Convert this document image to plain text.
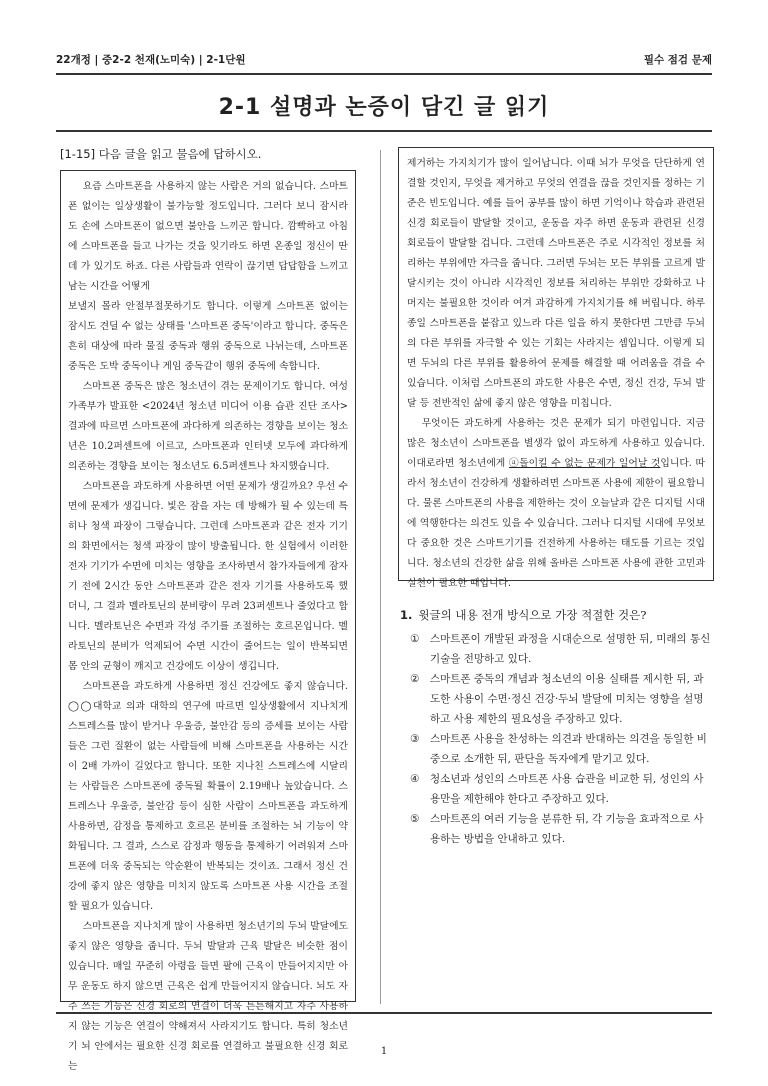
22개정 | 중2-2 천재(노미숙) | 2-1단원	필수 점검 문제
2-1 설명과 논증이 담긴 글 읽기
[1-15] 다음 글을 읽고 물음에 답하시오.

요즘 스마트폰을 사용하지 않는 사람은 거의 없습니다. 스마트폰 없이는 일상생활이 불가능할 정도입니다. 그러다 보니 잠시라도 손에 스마트폰이 없으면 불안을 느끼곤 합니다. 깜빡하고 아침에 스마트폰을 들고 나가는 것을 잊기라도 하면 온종일 정신이 딴 데 가 있기도 하죠. 다른 사람들과 연락이 끊기면 답답함을 느끼고 남는 시간을 어떻게

보낼지 몰라 안절부절못하기도 합니다. 이렇게 스마트폰 없이는 잠시도 견딜 수 없는 상태를 '스마트폰 중독'이라고 합니다. 중독은 흔히 대상에 따라 물질 중독과 행위 중독으로 나뉘는데, 스마트폰 중독은 도박 중독이나 게임 중독같이 행위 중독에 속합니다.

스마트폰 중독은 많은 청소년이 겪는 문제이기도 합니다. 여성가족부가 발표한 <2024년 청소년 미디어 이용 습관 진단 조사> 결과에 따르면 스마트폰에 과다하게 의존하는 경향을 보이는 청소년은 10.2퍼센트에 이르고, 스마트폰과 인터넷 모두에 과다하게 의존하는 경향을 보이는 청소년도 6.5퍼센트나 차지했습니다.

스마트폰을 과도하게 사용하면 어떤 문제가 생길까요? 우선 수면에 문제가 생깁니다. 빛은 잠을 자는 데 방해가 될 수 있는데 특히나 청색 파장이 그렇습니다. 그런데 스마트폰과 같은 전자 기기의 화면에서는 청색 파장이 많이 방출됩니다. 한 실험에서 이러한 전자 기기가 수면에 미치는 영향을 조사하면서 참가자들에게 잠자기 전에 2시간 동안 스마트폰과 같은 전자 기기를 사용하도록 했더니, 그 결과 멜라토닌의 분비량이 무려 23퍼센트나 줄었다고 합니다. 멜라토닌은 수면과 각성 주기를 조절하는 호르몬입니다. 멜라토닌의 분비가 억제되어 수면 시간이 줄어드는 일이 반복되면 몸 안의 균형이 깨지고 건강에도 이상이 생깁니다.

스마트폰을 과도하게 사용하면 정신 건강에도 좋지 않습니다. ◯◯대학교 의과 대학의 연구에 따르면 일상생활에서 지나치게 스트레스를 많이 받거나 우울증, 불안감 등의 증세를 보이는 사람들은 그런 질환이 없는 사람들에 비해 스마트폰을 사용하는 시간이 2배 가까이 길었다고 합니다. 또한 지나친 스트레스에 시달리는 사람들은 스마트폰에 중독될 확률이 2.19배나 높았습니다. 스트레스나 우울증, 불안감 등이 심한 사람이 스마트폰을 과도하게 사용하면, 감정을 통제하고 호르몬 분비를 조절하는 뇌 기능이 약화됩니다. 그 결과, 스스로 감정과 행동을 통제하기 어려워져 스마트폰에 더욱 중독되는 악순환이 반복되는 것이죠. 그래서 정신 건강에 좋지 않은 영향을 미치지 않도록 스마트폰 사용 시간을 조절할 필요가 있습니다.

스마트폰을 지나치게 많이 사용하면 청소년기의 두뇌 발달에도 좋지 않은 영향을 줍니다. 두뇌 발달과 근육 발달은 비슷한 점이 있습니다. 매일 꾸준히 아령을 들면 팔에 근육이 만들어지지만 아무 운동도 하지 않으면 근육은 쉽게 만들어지지 않습니다. 뇌도 자주 쓰는 기능은 신경 회로의 연결이 더욱 튼튼해지고 자주 사용하지 않는 기능은 연결이 약해져서 사라지기도 합니다. 특히 청소년기 뇌 안에서는 필요한 신경 회로를 연결하고 불필요한 신경 회로는

제거하는 가지치기가 많이 일어납니다. 이때 뇌가 무엇을 단단하게 연결할 것인지, 무엇을 제거하고 무엇의 연결을 끊을 것인지를 정하는 기준은 빈도입니다. 예를 들어 공부를 많이 하면 기억이나 학습과 관련된 신경 회로들이 발달할 것이고, 운동을 자주 하면 운동과 관련된 신경 회로들이 발달할 겁니다. 그런데 스마트폰은 주로 시각적인 정보를 처리하는 부위에만 자극을 줍니다. 그러면 두뇌는 모든 부위를 고르게 발달시키는 것이 아니라 시각적인 정보를 처리하는 부위만 강화하고 나머지는 불필요한 것이라 여겨 과감하게 가지치기를 해 버립니다. 하루 종일 스마트폰을 붙잡고 있느라 다른 일을 하지 못한다면 그만큼 두뇌의 다른 부위를 자극할 수 있는 기회는 사라지는 셈입니다. 이렇게 되면 두뇌의 다른 부위를 활용하여 문제를 해결할 때 어려움을 겪을 수 있습니다. 이처럼 스마트폰의 과도한 사용은 수면, 정신 건강, 두뇌 발달 등 전반적인 삶에 좋지 않은 영향을 미칩니다.

무엇이든 과도하게 사용하는 것은 문제가 되기 마련입니다. 지금 많은 청소년이 스마트폰을 별생각 없이 과도하게 사용하고 있습니다. 이대로라면 청소년에게 ⓐ돌이킬 수 없는 문제가 일어날 것입니다. 따라서 청소년이 건강하게 생활하려면 스마트폰 사용에 제한이 필요합니다. 물론 스마트폰의 사용을 제한하는 것이 오늘날과 같은 디지털 시대에 역행한다는 의견도 있을 수 있습니다. 그러나 디지털 시대에 무엇보다 중요한 것은 스마트기기를 건전하게 사용하는 태도를 기르는 것입니다. 청소년의 건강한 삶을 위해 올바른 스마트폰 사용에 관한 고민과 실천이 필요한 때입니다.

1. 윗글의 내용 전개 방식으로 가장 적절한 것은?
①	스마트폰이 개발된 과정을 시대순으로 설명한 뒤, 미래의 통신 기술을 전망하고 있다.
②	스마트폰 중독의 개념과 청소년의 이용 실태를 제시한 뒤, 과도한 사용이 수면·정신 건강·두뇌 발달에 미치는 영향을 설명하고 사용 제한의 필요성을 주장하고 있다.
③	스마트폰 사용을 찬성하는 의견과 반대하는 의견을 동일한 비중으로 소개한 뒤, 판단을 독자에게 맡기고 있다.
④	청소년과 성인의 스마트폰 사용 습관을 비교한 뒤, 성인의 사용만을 제한해야 한다고 주장하고 있다.
⑤	스마트폰의 여러 기능을 분류한 뒤, 각 기능을 효과적으로 사용하는 방법을 안내하고 있다.
1
